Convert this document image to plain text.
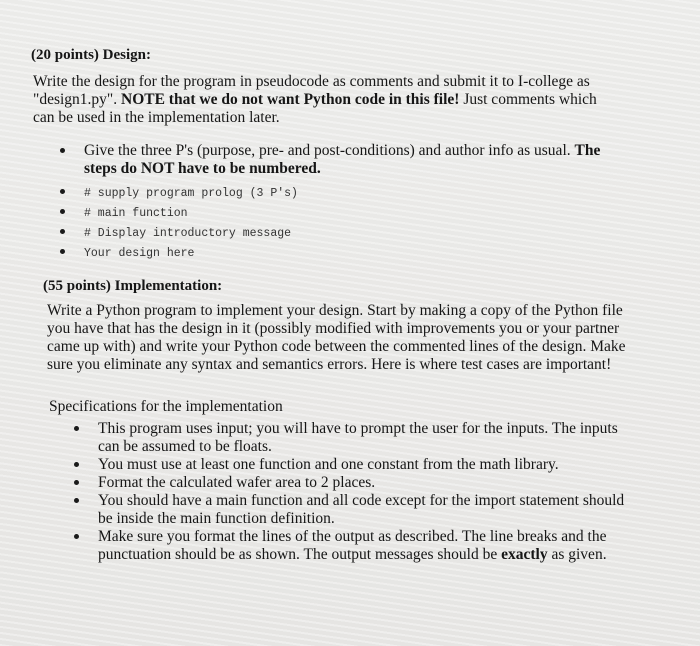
(20 points) Design:
Write the design for the program in pseudocode as comments and submit it to I-college as "design1.py". NOTE that we do not want Python code in this file! Just comments which can be used in the implementation later.
Give the three P's (purpose, pre- and post-conditions) and author info as usual. The steps do NOT have to be numbered.
# supply program prolog (3 P's)
# main function
# Display introductory message
Your design here
(55 points) Implementation:
Write a Python program to implement your design. Start by making a copy of the Python file you have that has the design in it (possibly modified with improvements you or your partner came up with) and write your Python code between the commented lines of the design. Make sure you eliminate any syntax and semantics errors. Here is where test cases are important!
Specifications for the implementation
This program uses input; you will have to prompt the user for the inputs. The inputs can be assumed to be floats.
You must use at least one function and one constant from the math library.
Format the calculated wafer area to 2 places.
You should have a main function and all code except for the import statement should be inside the main function definition.
Make sure you format the lines of the output as described. The line breaks and the punctuation should be as shown. The output messages should be exactly as given.
